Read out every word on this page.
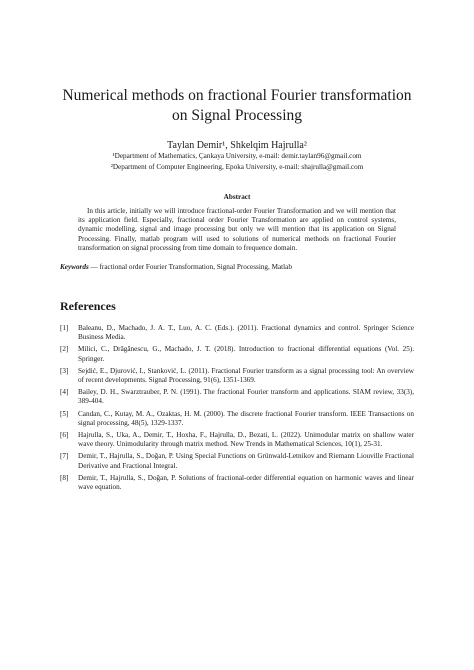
Numerical methods on fractional Fourier transformation on Signal Processing
Taylan Demir¹, Shkelqim Hajrulla²
¹Department of Mathematics, Çankaya University, e-mail: demir.taylan96@gmail.com
²Department of Computer Engineering, Epoka University, e-mail: shajrulla@gmail.com
Abstract
In this article, initially we will introduce fractional-order Fourier Transformation and we will mention that its application field. Especially, fractional order Fourier Transformation are applied on control systems, dynamic modelling, signal and image processing but only we will mention that its application on Signal Processing. Finally, matlab program will used to solutions of numerical methods on fractional Fourier transformation on signal processing from time domain to frequence domain.
Keywords — fractional order Fourier Transformation, Signal Processing, Matlab
References
[1]	Baleanu, D., Machado, J. A. T., Luo, A. C. (Eds.). (2011). Fractional dynamics and control. Springer Science Business Media.
[2]	Milici, C., Drăgănescu, G., Machado, J. T. (2018). Introduction to fractional differential equations (Vol. 25). Springer.
[3]	Sejdić, E., Djurović, I., Stanković, L. (2011). Fractional Fourier transform as a signal processing tool: An overview of recent developments. Signal Processing, 91(6), 1351-1369.
[4]	Bailey, D. H., Swarztrauber, P. N. (1991). The fractional Fourier transform and applications. SIAM review, 33(3), 389-404.
[5]	Candan, C., Kutay, M. A., Ozaktas, H. M. (2000). The discrete fractional Fourier transform. IEEE Transactions on signal processing, 48(5), 1329-1337.
[6]	Hajrulla, S., Uka, A., Demir, T., Hoxha, F., Hajrulla, D., Bezati, L. (2022). Unimodular matrix on shallow water wave theory. Unimodularity through matrix method. New Trends in Mathematical Sciences, 10(1), 25-31.
[7]	Demir, T., Hajrulla, S., Doğan, P. Using Special Functions on Grünwald-Letnikov and Riemann Liouville Fractional Derivative and Fractional Integral.
[8]	Demir, T., Hajrulla, S., Doğan, P. Solutions of fractional-order differential equation on harmonic waves and linear wave equation.
